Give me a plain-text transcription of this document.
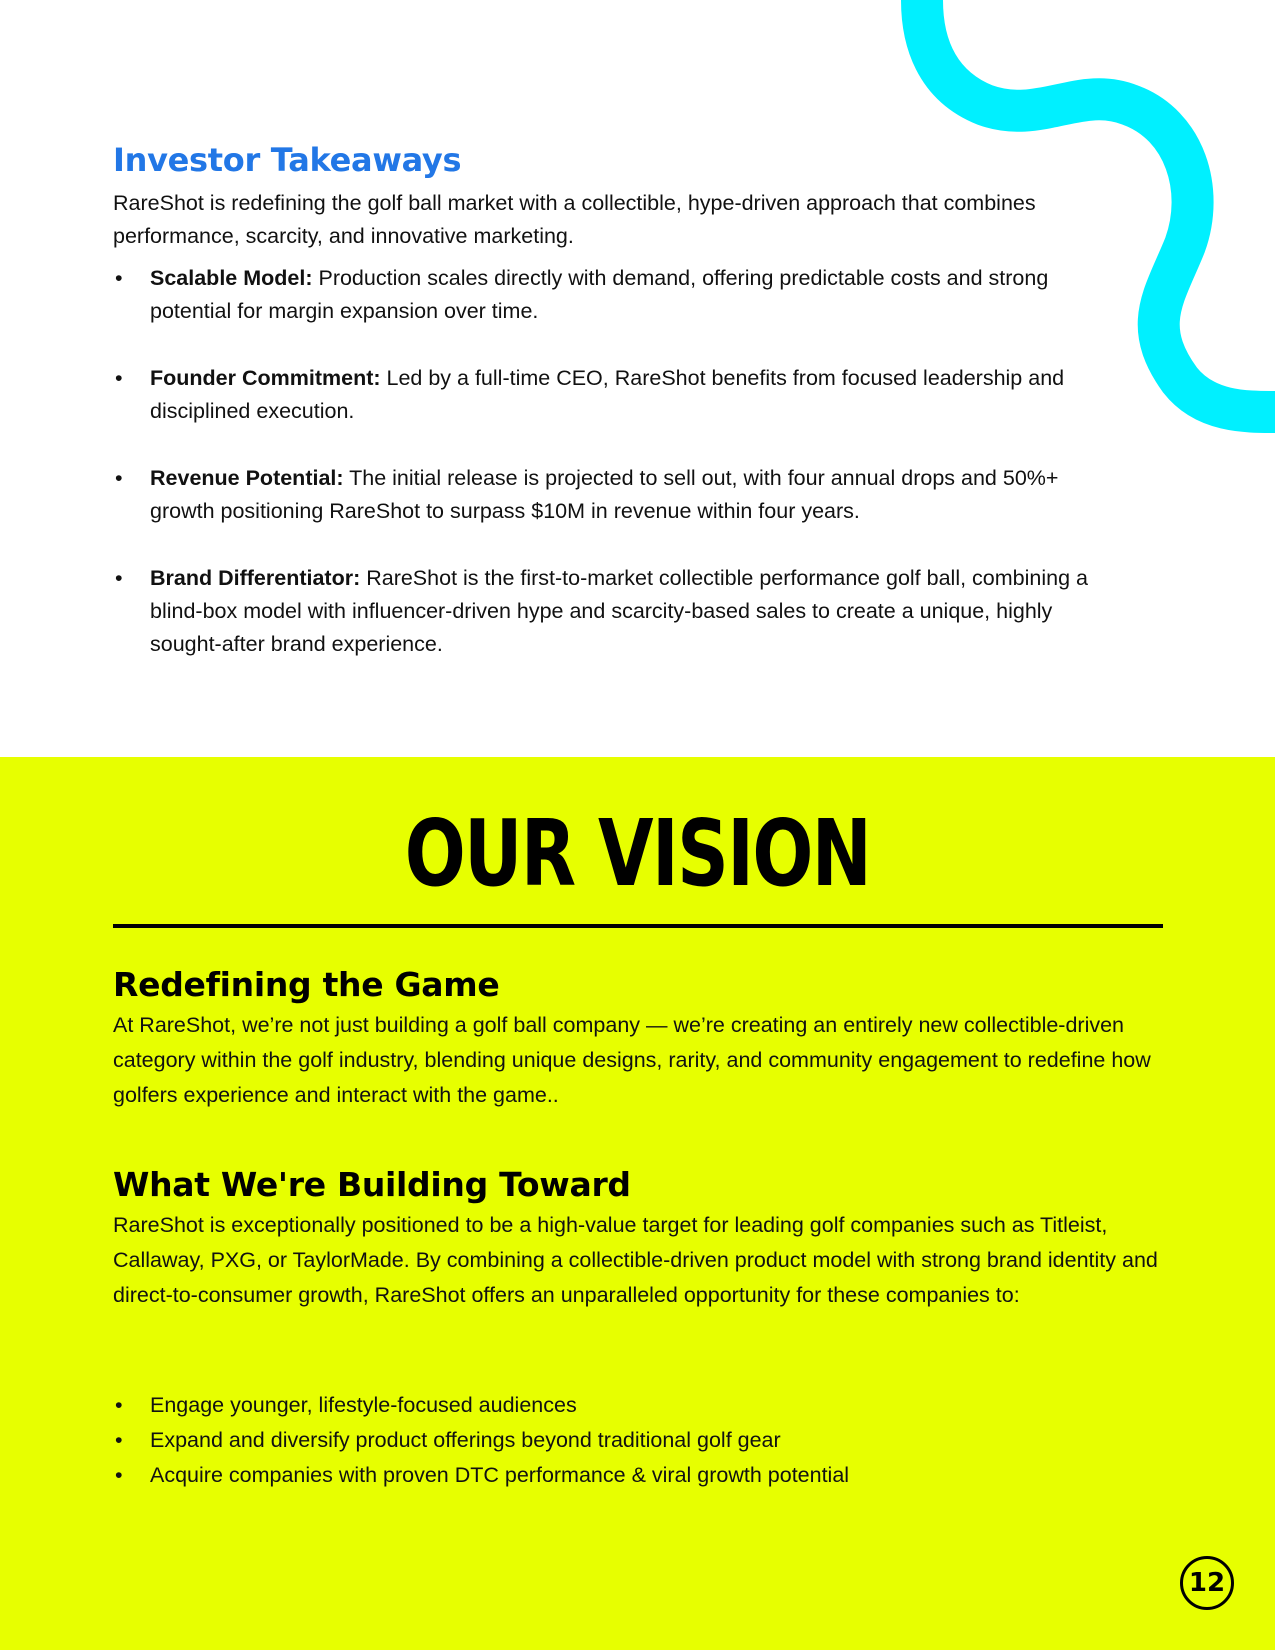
Investor Takeaways

RareShot is redefining the golf ball market with a collectible, hype-driven approach that combines performance, scarcity, and innovative marketing.

• Scalable Model: Production scales directly with demand, offering predictable costs and strong potential for margin expansion over time.
• Founder Commitment: Led by a full-time CEO, RareShot benefits from focused leadership and disciplined execution.
• Revenue Potential: The initial release is projected to sell out, with four annual drops and 50%+ growth positioning RareShot to surpass $10M in revenue within four years.
• Brand Differentiator: RareShot is the first-to-market collectible performance golf ball, combining a blind-box model with influencer-driven hype and scarcity-based sales to create a unique, highly sought-after brand experience.
OUR VISION
Redefining the Game

At RareShot, we’re not just building a golf ball company — we’re creating an entirely new collectible-driven category within the golf industry, blending unique designs, rarity, and community engagement to redefine how golfers experience and interact with the game..

What We're Building Toward

RareShot is exceptionally positioned to be a high-value target for leading golf companies such as Titleist, Callaway, PXG, or TaylorMade. By combining a collectible-driven product model with strong brand identity and direct-to-consumer growth, RareShot offers an unparalleled opportunity for these companies to:

• Engage younger, lifestyle-focused audiences
• Expand and diversify product offerings beyond traditional golf gear
• Acquire companies with proven DTC performance & viral growth potential
12
